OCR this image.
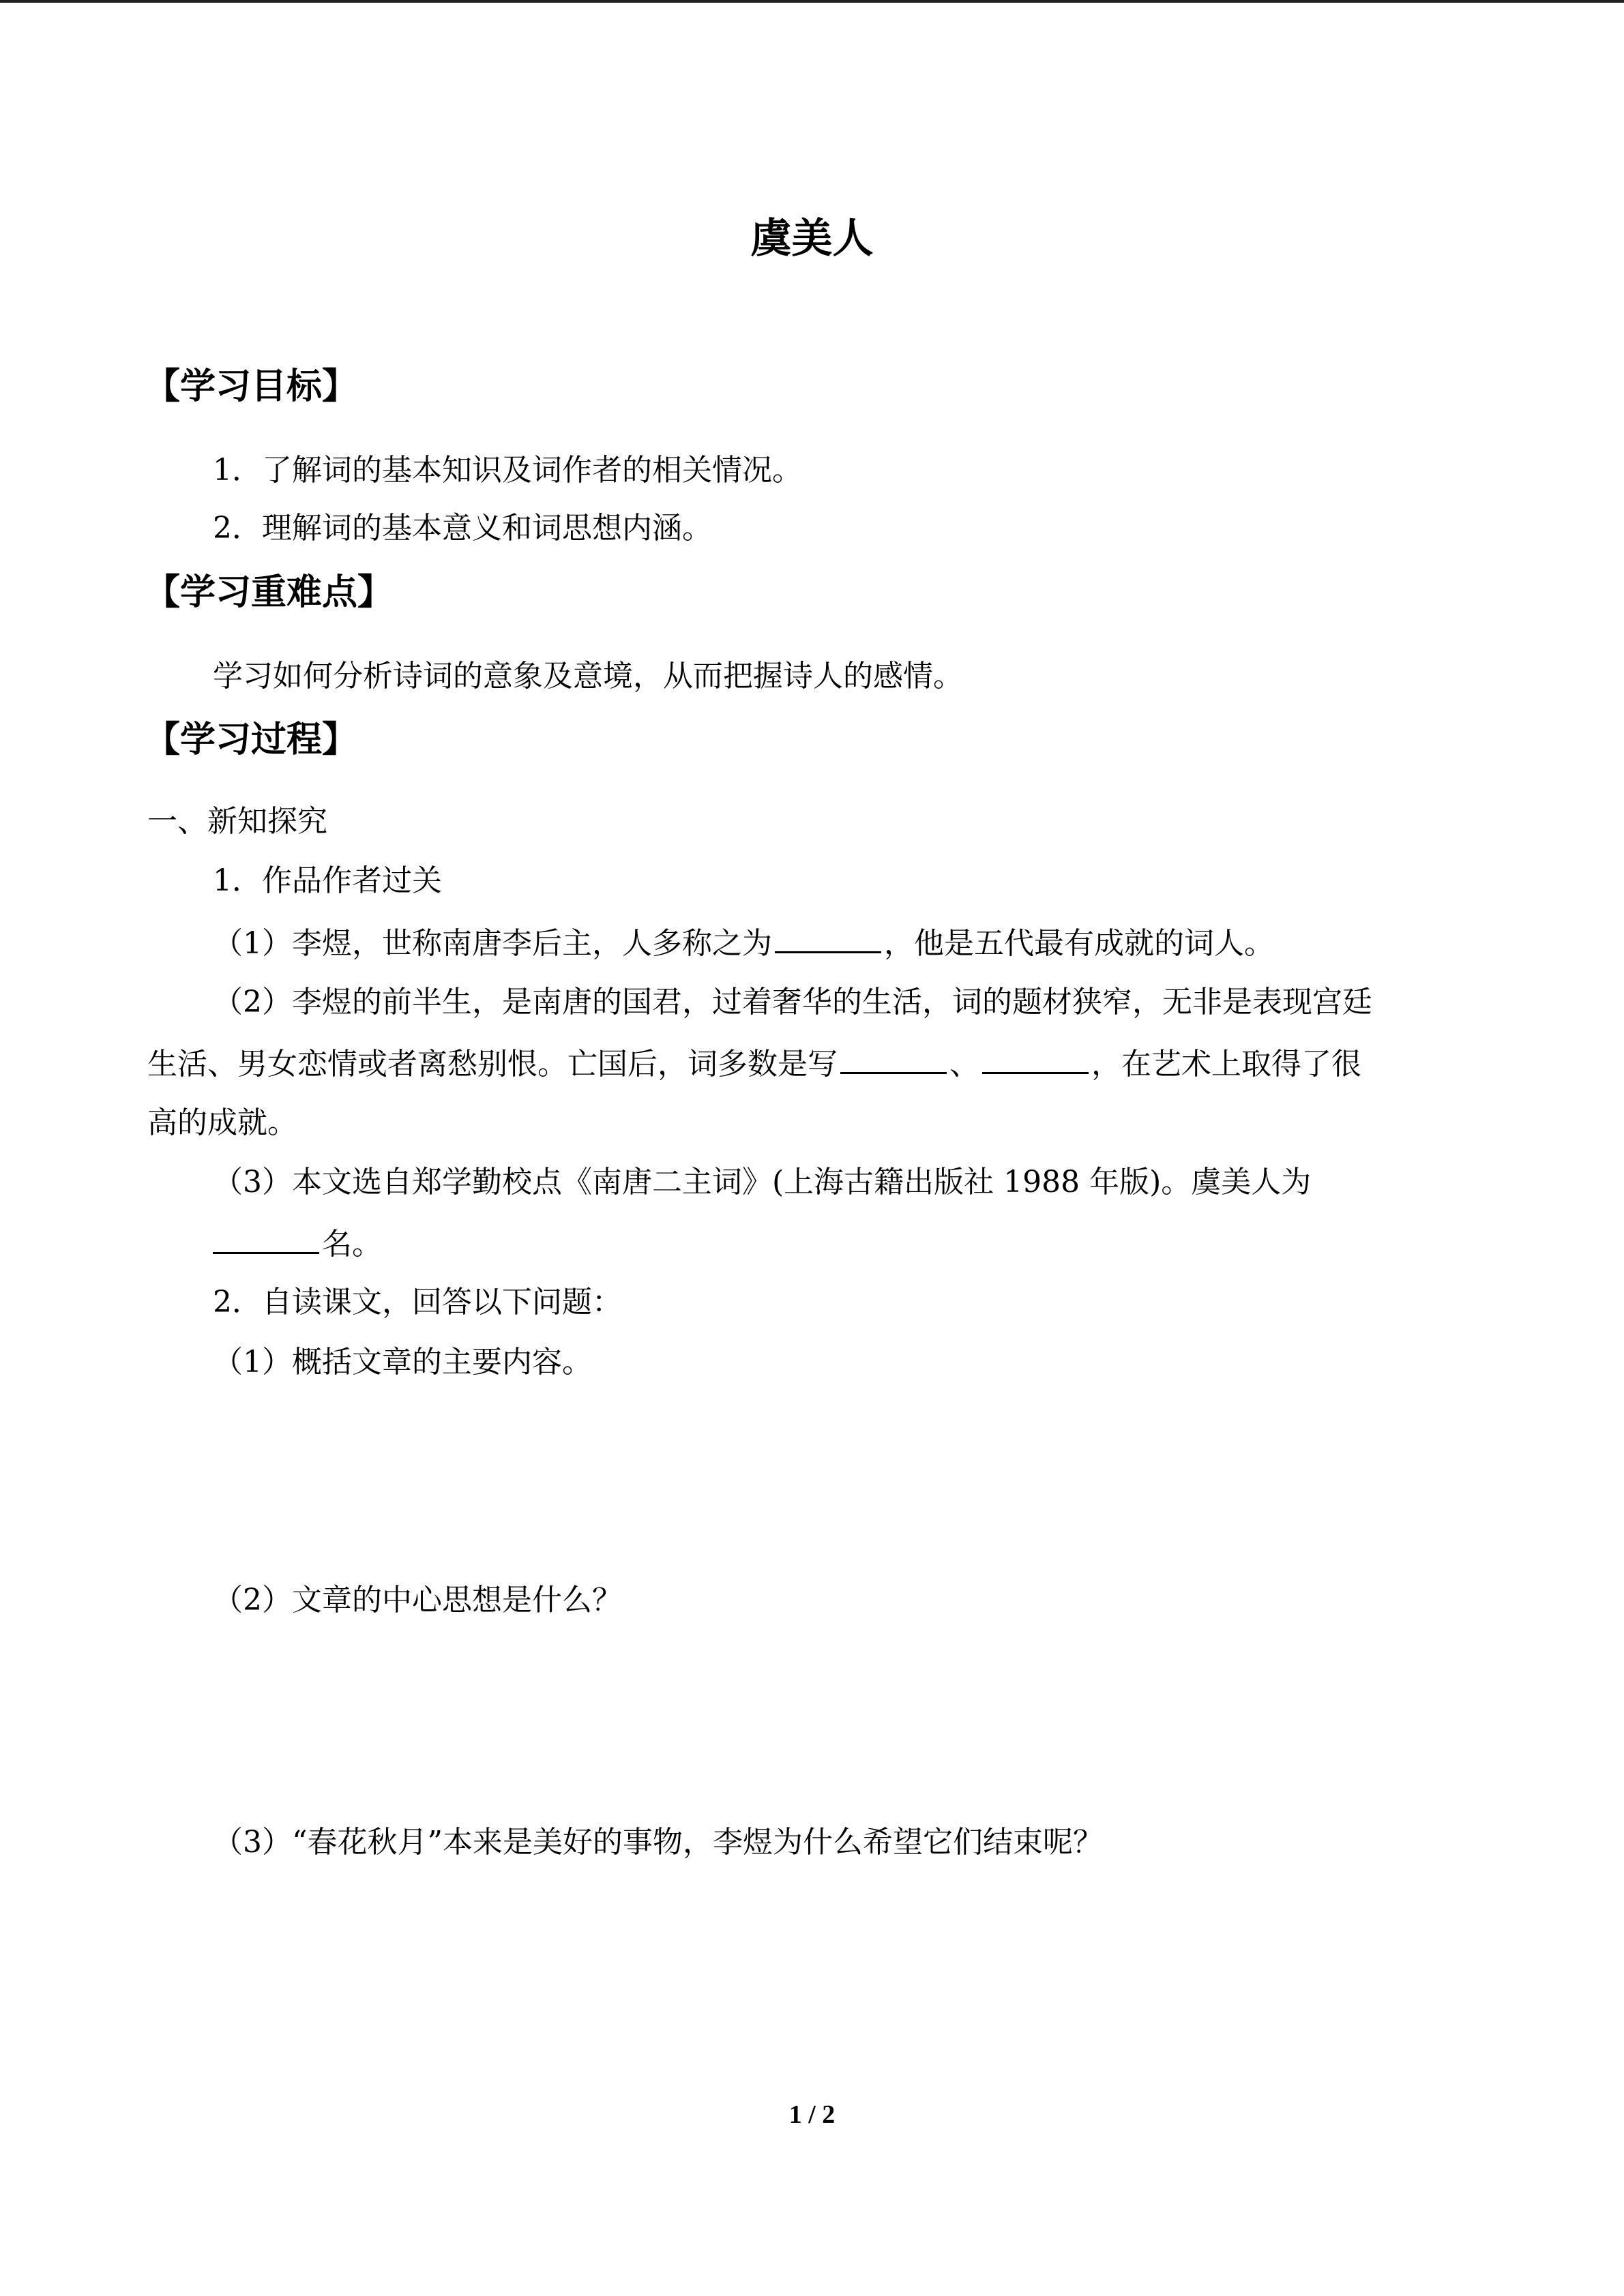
虞美人
【学习目标】
1．了解词的基本知识及词作者的相关情况。
2．理解词的基本意义和词思想内涵。
【学习重难点】
学习如何分析诗词的意象及意境，从而把握诗人的感情。
【学习过程】
一、新知探究
1．作品作者过关
（1）李煜，世称南唐李后主，人多称之为	，他是五代最有成就的词人。
（2）李煜的前半生，是南唐的国君，过着奢华的生活，词的题材狭窄，无非是表现宫廷
生活、男女恋情或者离愁别恨。亡国后，词多数是写	、	，在艺术上取得了很
高的成就。
（3）本文选自郑学勤校点《南唐二主词》(上海古籍出版社 1988 年版)。虞美人为
名。
2．自读课文，回答以下问题：
（1）概括文章的主要内容。
（2）文章的中心思想是什么？
（3）“春花秋月”本来是美好的事物，李煜为什么希望它们结束呢？
1 / 2
